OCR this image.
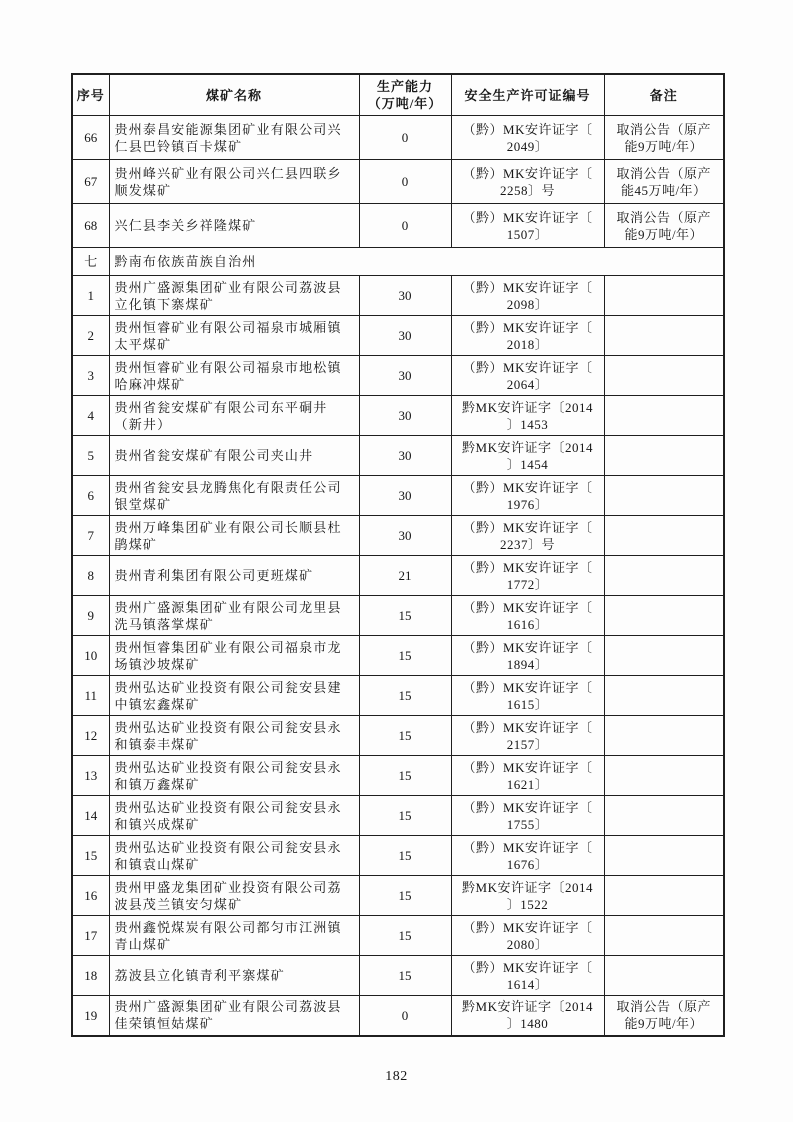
序号	煤矿名称	生产能力
（万吨/年）	安全生产许可证编号	备注

66	贵州泰昌安能源集团矿业有限公司兴
仁县巴铃镇百卡煤矿	0	（黔）MK安许证字〔
2049〕	取消公告（原产
能9万吨/年）

67	贵州峰兴矿业有限公司兴仁县四联乡
顺发煤矿	0	（黔）MK安许证字〔
2258〕号	取消公告（原产
能45万吨/年）

68	兴仁县李关乡祥隆煤矿	0	（黔）MK安许证字〔
1507〕	取消公告（原产
能9万吨/年）

七	黔南布依族苗族自治州			
1	贵州广盛源集团矿业有限公司荔波县
立化镇下寨煤矿	30	（黔）MK安许证字〔
2098〕	

2	贵州恒睿矿业有限公司福泉市城厢镇
太平煤矿	30	（黔）MK安许证字〔
2018〕	

3	贵州恒睿矿业有限公司福泉市地松镇
哈麻冲煤矿	30	（黔）MK安许证字〔
2064〕	

4	贵州省瓮安煤矿有限公司东平硐井
（新井）	30	黔MK安许证字〔2014
〕1453	

5	贵州省瓮安煤矿有限公司夹山井	30	黔MK安许证字〔2014
〕1454	

6	贵州省瓮安县龙腾焦化有限责任公司
银堂煤矿	30	（黔）MK安许证字〔
1976〕	

7	贵州万峰集团矿业有限公司长顺县杜
鹃煤矿	30	（黔）MK安许证字〔
2237〕号	

8	贵州青利集团有限公司更班煤矿	21	（黔）MK安许证字〔
1772〕	

9	贵州广盛源集团矿业有限公司龙里县
洗马镇落掌煤矿	15	（黔）MK安许证字〔
1616〕	

10	贵州恒睿集团矿业有限公司福泉市龙
场镇沙坡煤矿	15	（黔）MK安许证字〔
1894〕	

11	贵州弘达矿业投资有限公司瓮安县建
中镇宏鑫煤矿	15	（黔）MK安许证字〔
1615〕	

12	贵州弘达矿业投资有限公司瓮安县永
和镇泰丰煤矿	15	（黔）MK安许证字〔
2157〕	

13	贵州弘达矿业投资有限公司瓮安县永
和镇万鑫煤矿	15	（黔）MK安许证字〔
1621〕	

14	贵州弘达矿业投资有限公司瓮安县永
和镇兴成煤矿	15	（黔）MK安许证字〔
1755〕	

15	贵州弘达矿业投资有限公司瓮安县永
和镇袁山煤矿	15	（黔）MK安许证字〔
1676〕	

16	贵州甲盛龙集团矿业投资有限公司荔
波县茂兰镇安匀煤矿	15	黔MK安许证字〔2014
〕1522	

17	贵州鑫悦煤炭有限公司都匀市江洲镇
青山煤矿	15	（黔）MK安许证字〔
2080〕	

18	荔波县立化镇青利平寨煤矿	15	（黔）MK安许证字〔
1614〕	

19	贵州广盛源集团矿业有限公司荔波县
佳荣镇恒姑煤矿	0	黔MK安许证字〔2014
〕1480	取消公告（原产
能9万吨/年）
182
